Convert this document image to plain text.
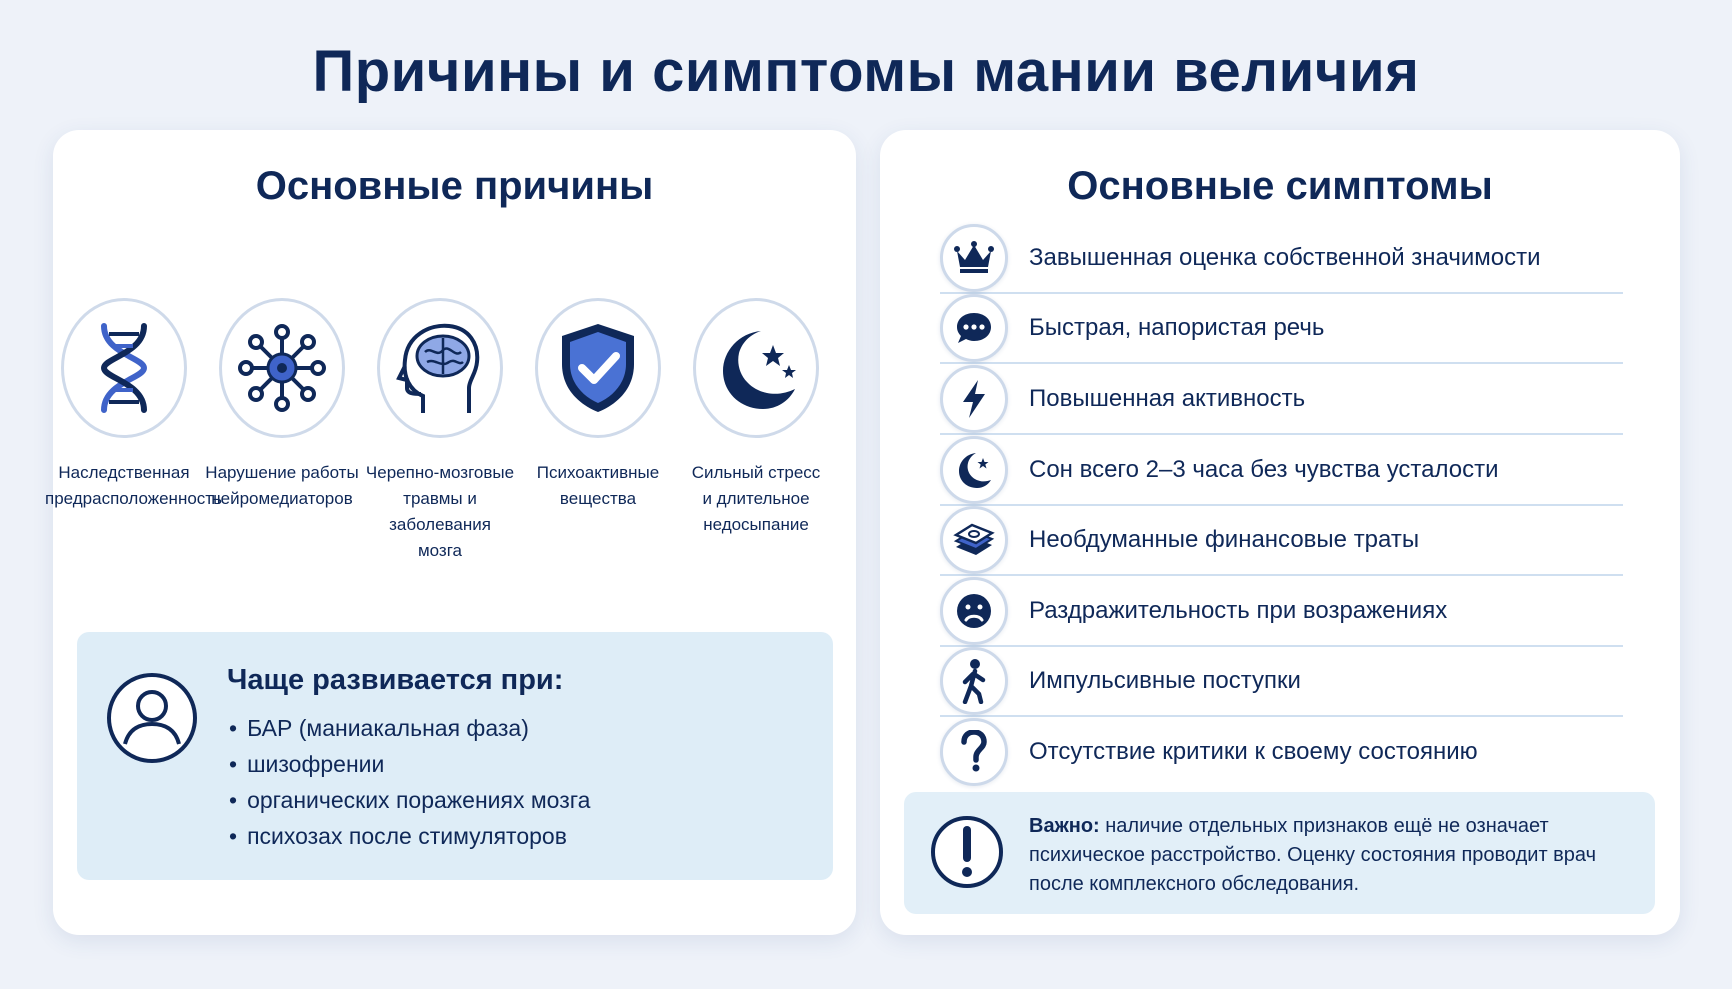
Причины и симптомы мании величия
Основные причины
Наследственная
предрасположенность
Нарушение работы
нейромедиаторов
Черепно-мозговые
травмы и заболевания
мозга
Психоактивные
вещества
Сильный стресс
и длительное
недосыпание
Чаще развивается при:
• БАР (маниакальная фаза)
• шизофрении
• органических поражениях мозга
• психозах после стимуляторов
Основные симптомы
Завышенная оценка собственной значимости
Быстрая, напористая речь
Повышенная активность
Сон всего 2–3 часа без чувства усталости
Необдуманные финансовые траты
Раздражительность при возражениях
Импульсивные поступки
Отсутствие критики к своему состоянию
Важно: наличие отдельных признаков ещё не означает психическое расстройство. Оценку состояния проводит врач после комплексного обследования.
